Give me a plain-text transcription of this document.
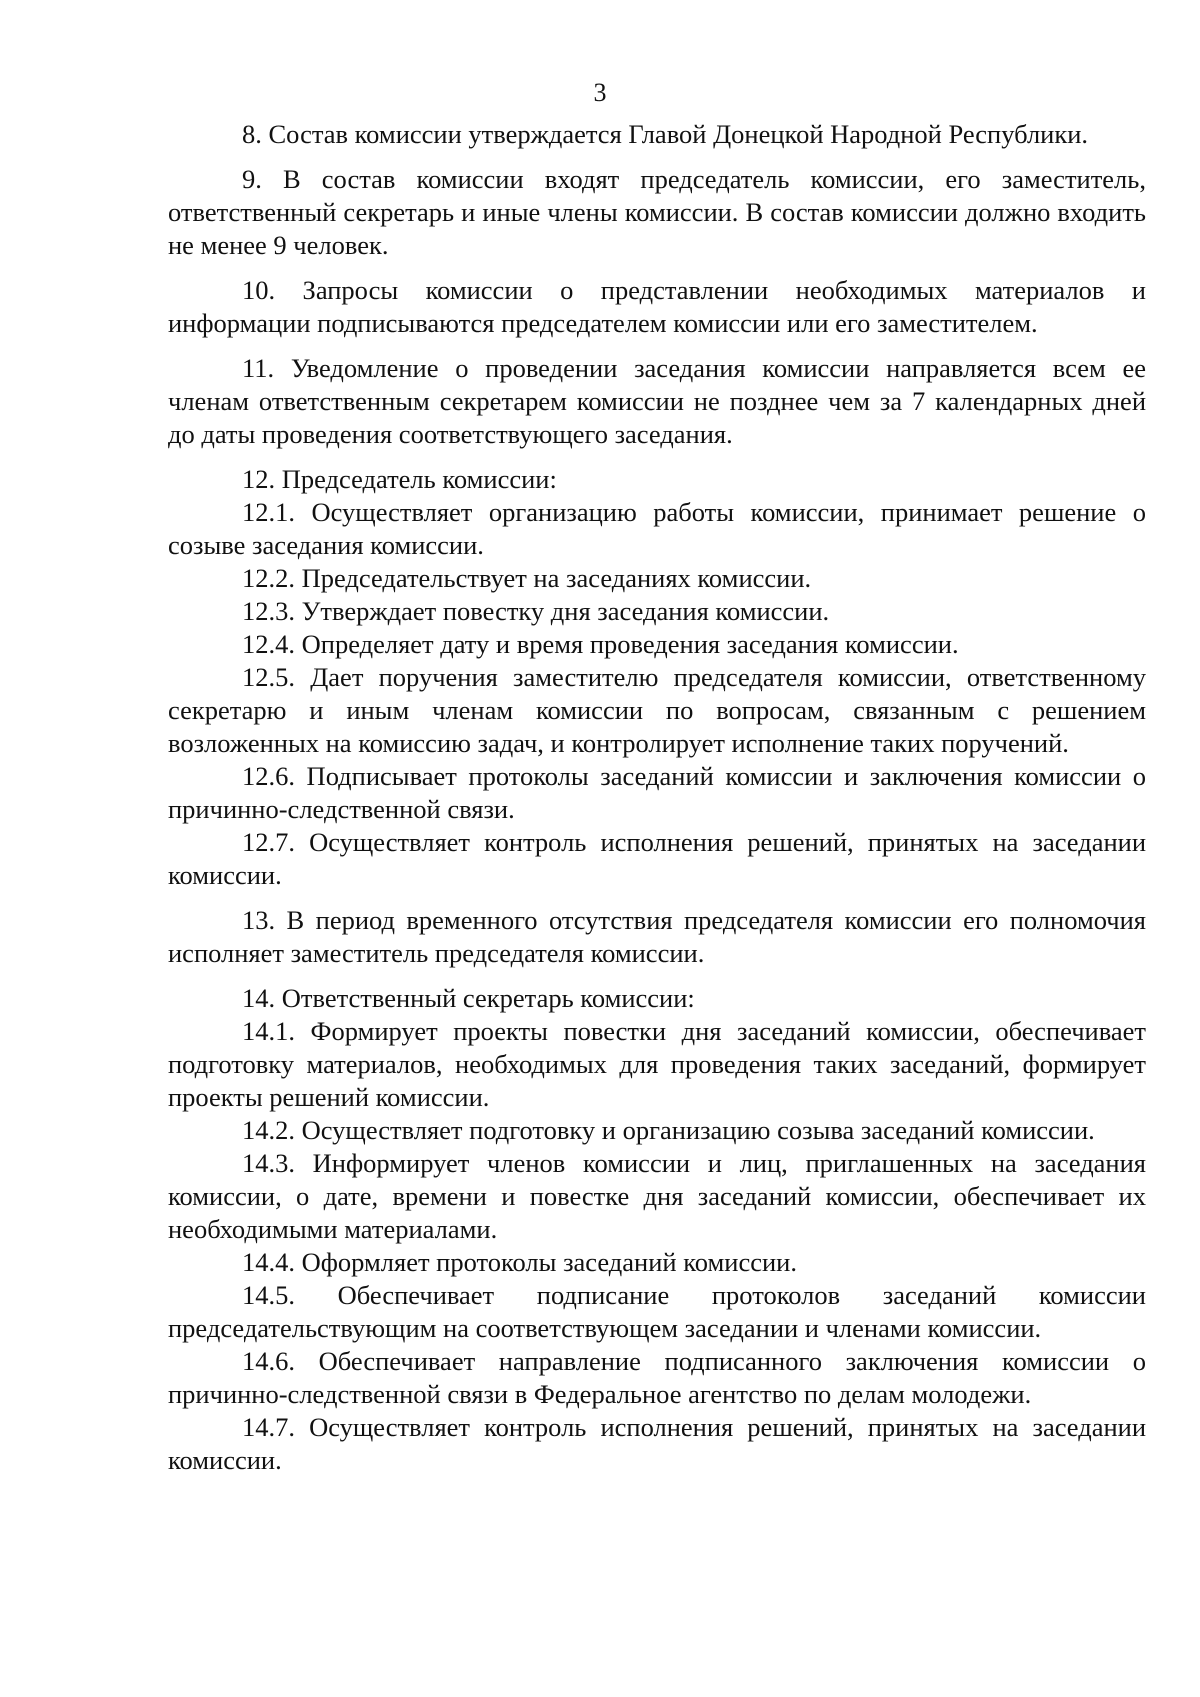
3

8. Состав комиссии утверждается Главой Донецкой Народной Республики.

9. В состав комиссии входят председатель комиссии, его заместитель, ответственный секретарь и иные члены комиссии. В состав комиссии должно входить не менее 9 человек.

10. Запросы комиссии о представлении необходимых материалов и информации подписываются председателем комиссии или его заместителем.

11. Уведомление о проведении заседания комиссии направляется всем ее членам ответственным секретарем комиссии не позднее чем за 7 календарных дней до даты проведения соответствующего заседания.

12. Председатель комиссии:

12.1. Осуществляет организацию работы комиссии, принимает решение о созыве заседания комиссии.

12.2. Председательствует на заседаниях комиссии.

12.3. Утверждает повестку дня заседания комиссии.

12.4. Определяет дату и время проведения заседания комиссии.

12.5. Дает поручения заместителю председателя комиссии, ответственному секретарю и иным членам комиссии по вопросам, связанным с решением возложенных на комиссию задач, и контролирует исполнение таких поручений.

12.6. Подписывает протоколы заседаний комиссии и заключения комиссии о причинно-следственной связи.

12.7. Осуществляет контроль исполнения решений, принятых на заседании комиссии.

13. В период временного отсутствия председателя комиссии его полномочия исполняет заместитель председателя комиссии.

14. Ответственный секретарь комиссии:

14.1. Формирует проекты повестки дня заседаний комиссии, обеспечивает подготовку материалов, необходимых для проведения таких заседаний, формирует проекты решений комиссии.

14.2. Осуществляет подготовку и организацию созыва заседаний комиссии.

14.3. Информирует членов комиссии и лиц, приглашенных на заседания комиссии, о дате, времени и повестке дня заседаний комиссии, обеспечивает их необходимыми материалами.

14.4. Оформляет протоколы заседаний комиссии.

14.5. Обеспечивает подписание протоколов заседаний комиссии председательствующим на соответствующем заседании и членами комиссии.

14.6. Обеспечивает направление подписанного заключения комиссии о причинно-следственной связи в Федеральное агентство по делам молодежи.

14.7. Осуществляет контроль исполнения решений, принятых на заседании комиссии.
